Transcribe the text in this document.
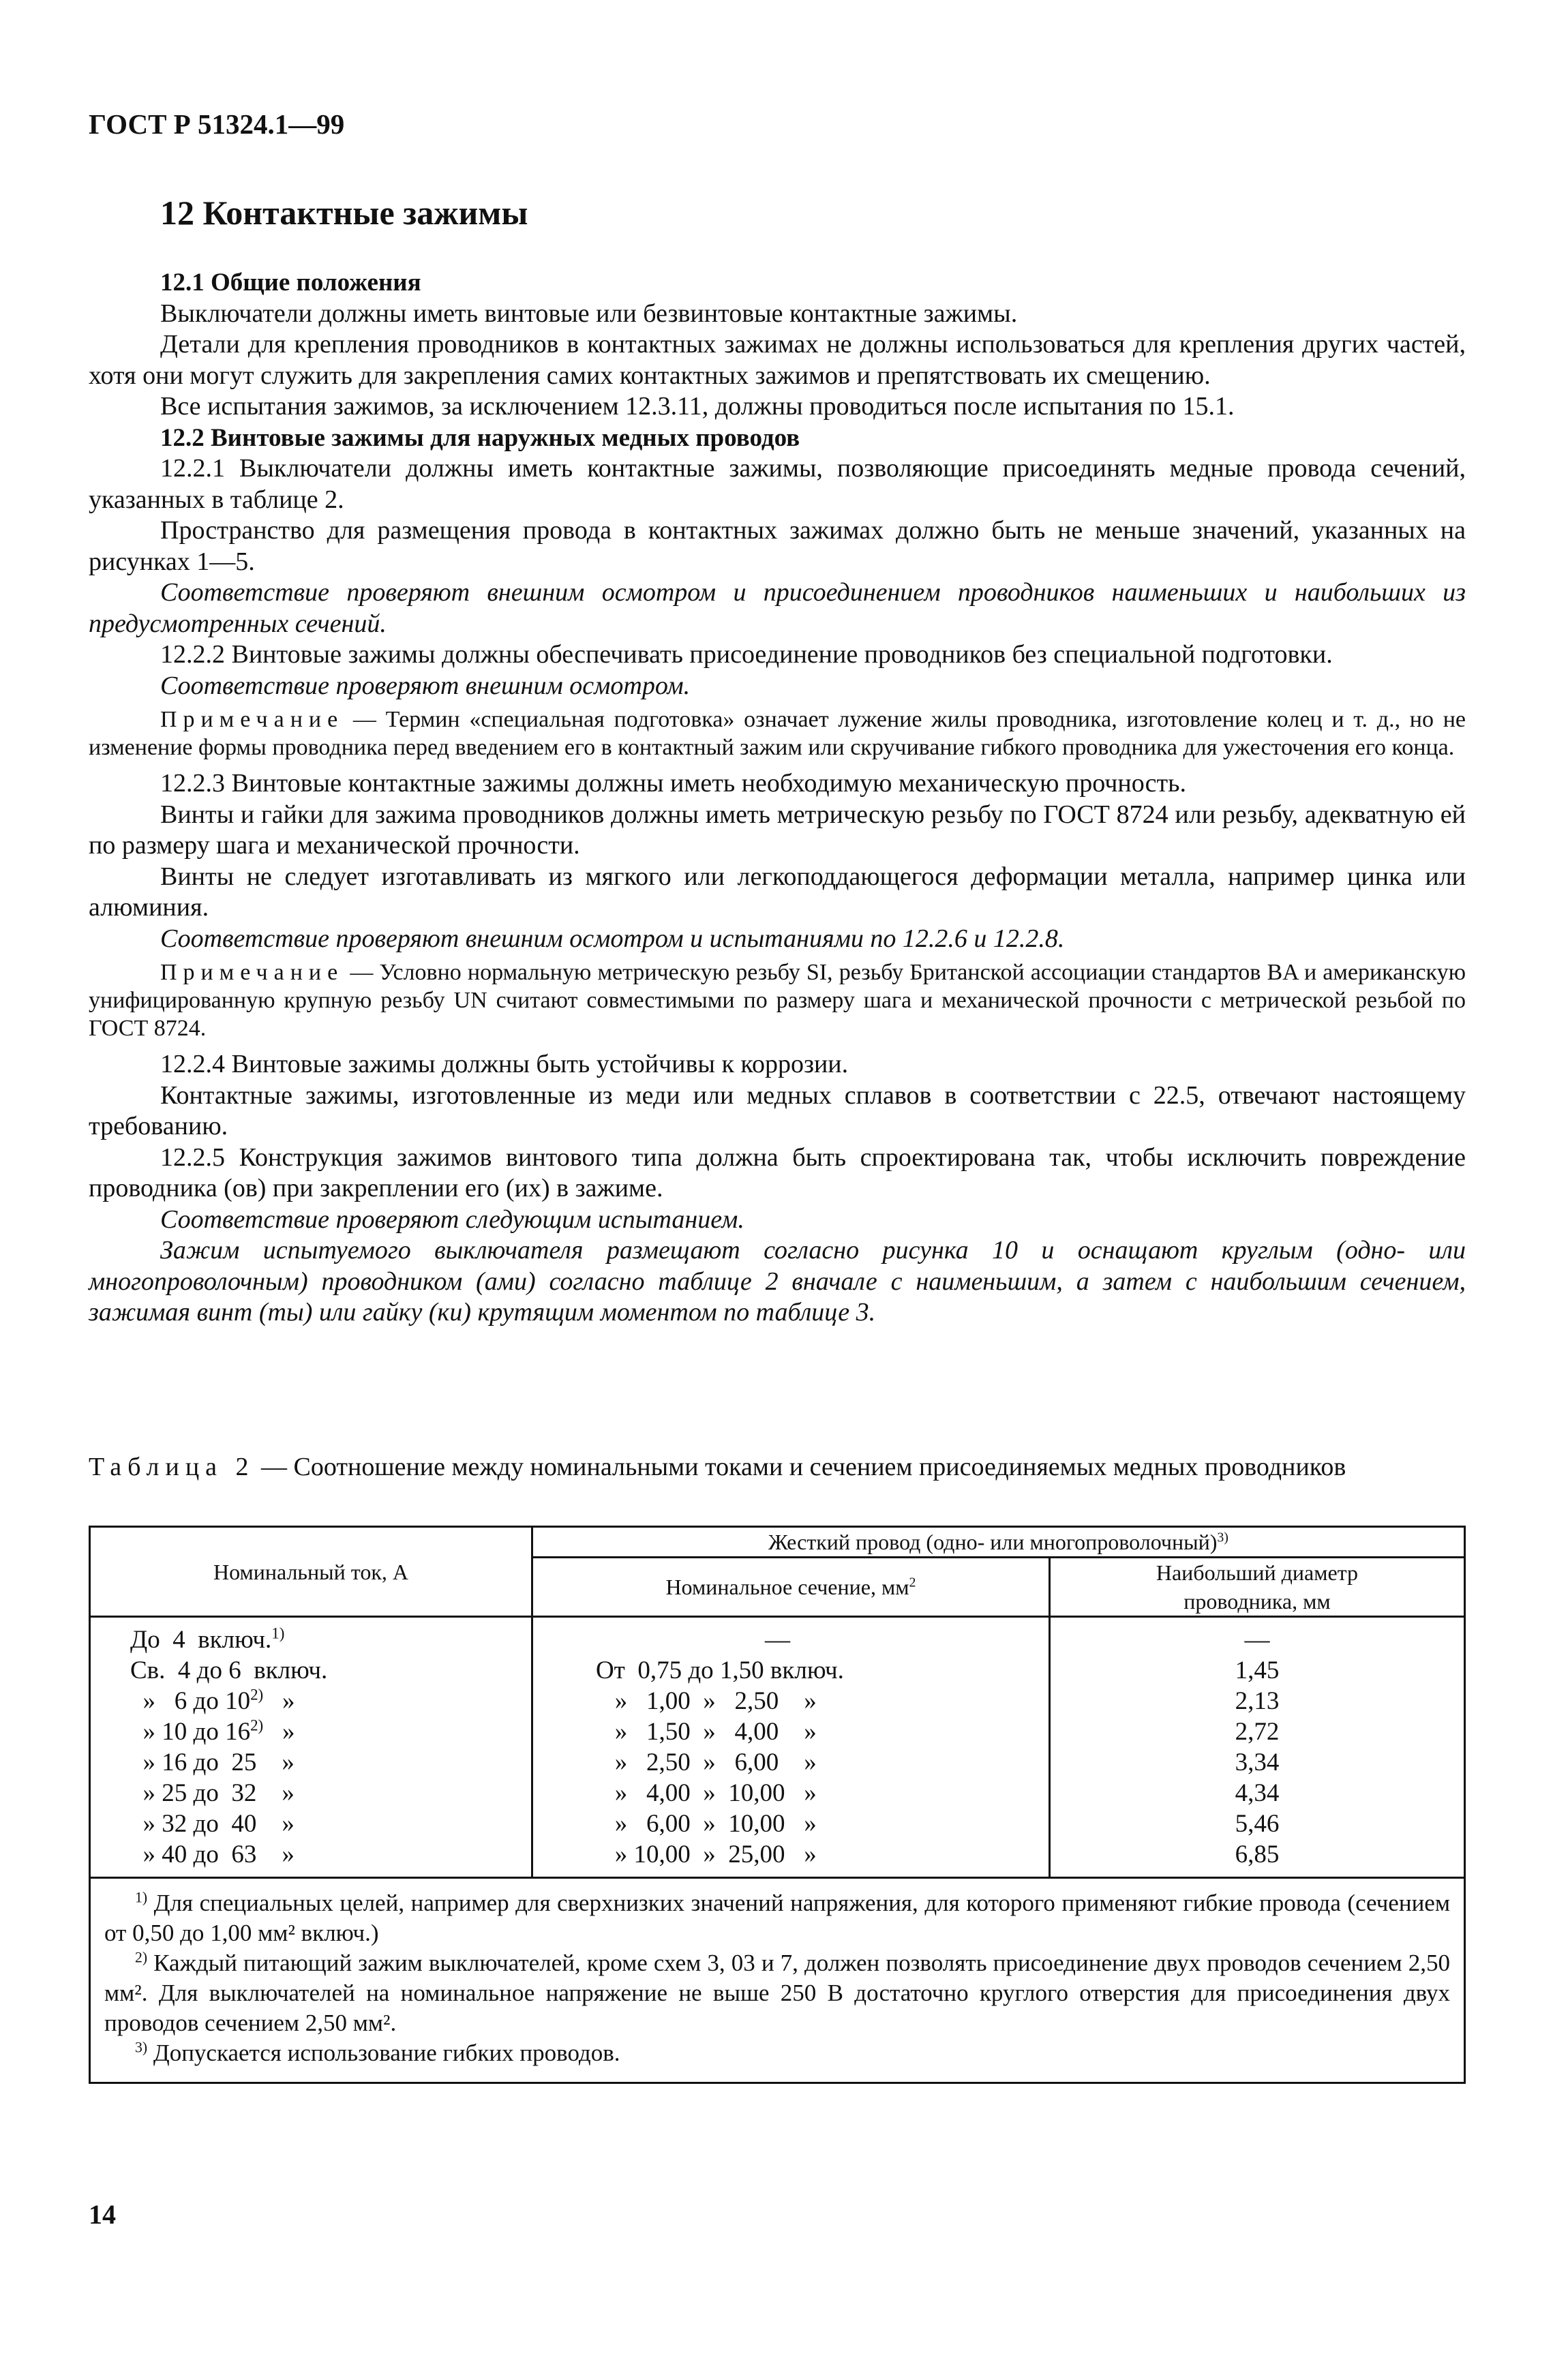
ГОСТ Р 51324.1—99
12 Контактные зажимы

12.1 Общие положения

Выключатели должны иметь винтовые или безвинтовые контактные зажимы.

Детали для крепления проводников в контактных зажимах не должны использоваться для крепления других частей, хотя они могут служить для закрепления самих контактных зажимов и препятствовать их смещению.

Все испытания зажимов, за исключением 12.3.11, должны проводиться после испытания по 15.1.

12.2 Винтовые зажимы для наружных медных проводов

12.2.1 Выключатели должны иметь контактные зажимы, позволяющие присоединять медные провода сечений, указанных в таблице 2.

Пространство для размещения провода в контактных зажимах должно быть не меньше значений, указанных на рисунках 1—5.

Соответствие проверяют внешним осмотром и присоединением проводников наименьших и наибольших из предусмотренных сечений.

12.2.2 Винтовые зажимы должны обеспечивать присоединение проводников без специальной подготовки.

Соответствие проверяют внешним осмотром.

Примечание — Термин «специальная подготовка» означает лужение жилы проводника, изготовление колец и т. д., но не изменение формы проводника перед введением его в контактный зажим или скручивание гибкого проводника для ужесточения его конца.

12.2.3 Винтовые контактные зажимы должны иметь необходимую механическую прочность.

Винты и гайки для зажима проводников должны иметь метрическую резьбу по ГОСТ 8724 или резьбу, адекватную ей по размеру шага и механической прочности.

Винты не следует изготавливать из мягкого или легкоподдающегося деформации металла, например цинка или алюминия.

Соответствие проверяют внешним осмотром и испытаниями по 12.2.6 и 12.2.8.

Примечание — Условно нормальную метрическую резьбу SI, резьбу Британской ассоциации стандартов BA и американскую унифицированную крупную резьбу UN считают совместимыми по размеру шага и механической прочности с метрической резьбой по ГОСТ 8724.

12.2.4 Винтовые зажимы должны быть устойчивы к коррозии.

Контактные зажимы, изготовленные из меди или медных сплавов в соответствии с 22.5, отвечают настоящему требованию.

12.2.5 Конструкция зажимов винтового типа должна быть спроектирована так, чтобы исключить повреждение проводника (ов) при закреплении его (их) в зажиме.

Соответствие проверяют следующим испытанием.

Зажим испытуемого выключателя размещают согласно рисунка 10 и оснащают круглым (одно- или многопроволочным) проводником (ами) согласно таблице 2 вначале с наименьшим, а затем с наибольшим сечением, зажимая винт (ты) или гайку (ки) крутящим моментом по таблице 3.

Таблица 2 — Соотношение между номинальными токами и сечением присоединяемых медных проводников
Номинальный ток, А	Жесткий провод (одно- или многопроволочный)$^{3)}$
	Номинальное сечение, $мм^2$	Наибольший диаметр проводника, мм
До  4  включ.$^{1)}$	—	—
Св.  4 до 6  включ.	От  0,75 до 1,50 включ.	1,45
»   6 до 10$^{2)}$   »	»   1,00  »   2,50    »	2,13
» 10 до 16$^{2)}$   »	»   1,50  »   4,00    »	2,72
» 16 до  25    »	»   2,50  »   6,00    »	3,34
» 25 до  32    »	»   4,00  »  10,00   »	4,34
» 32 до  40    »	»   6,00  »  10,00   »	5,46
» 40 до  63    »	» 10,00  »  25,00   »	6,85

$^{1)}$ Для специальных целей, например для сверхнизких значений напряжения, для которого применяют гибкие провода (сечением от 0,50 до 1,00 мм² включ.)

$^{2)}$ Каждый питающий зажим выключателей, кроме схем 3, 03 и 7, должен позволять присоединение двух проводов сечением 2,50 мм². Для выключателей на номинальное напряжение не выше 250 В достаточно круглого отверстия для присоединения двух проводов сечением 2,50 мм².

$^{3)}$ Допускается использование гибких проводов.		

14
